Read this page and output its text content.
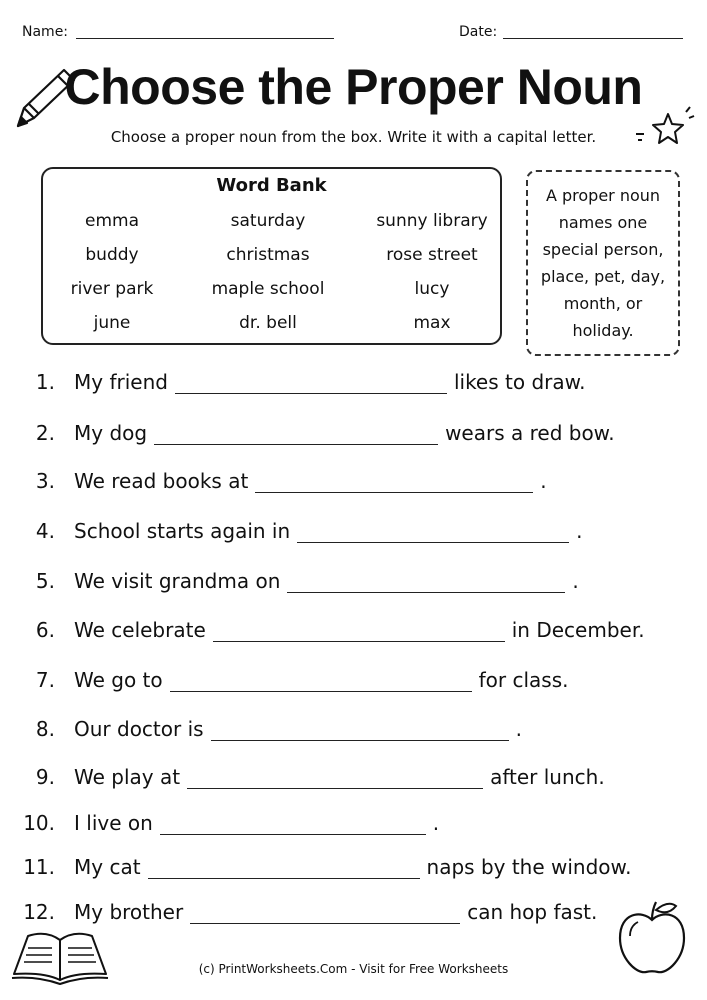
Name:	Date:
Choose the Proper Noun
Choose a proper noun from the box. Write it with a capital letter.
Word Bank
emma	saturday	sunny library
buddy	christmas	rose street
river park	maple school	lucy
june	dr. bell	max
A proper noun names one special person, place, pet, day, month, or holiday.
1. My friend	likes to draw.
2. My dog	wears a red bow.
3. We read books at	.
4. School starts again in	.
5. We visit grandma on	.
6. We celebrate	in December.
7. We go to	for class.
8. Our doctor is	.
9. We play at	after lunch.
10. I live on	.
11. My cat	naps by the window.
12. My brother	can hop fast.
(c) PrintWorksheets.Com - Visit for Free Worksheets
